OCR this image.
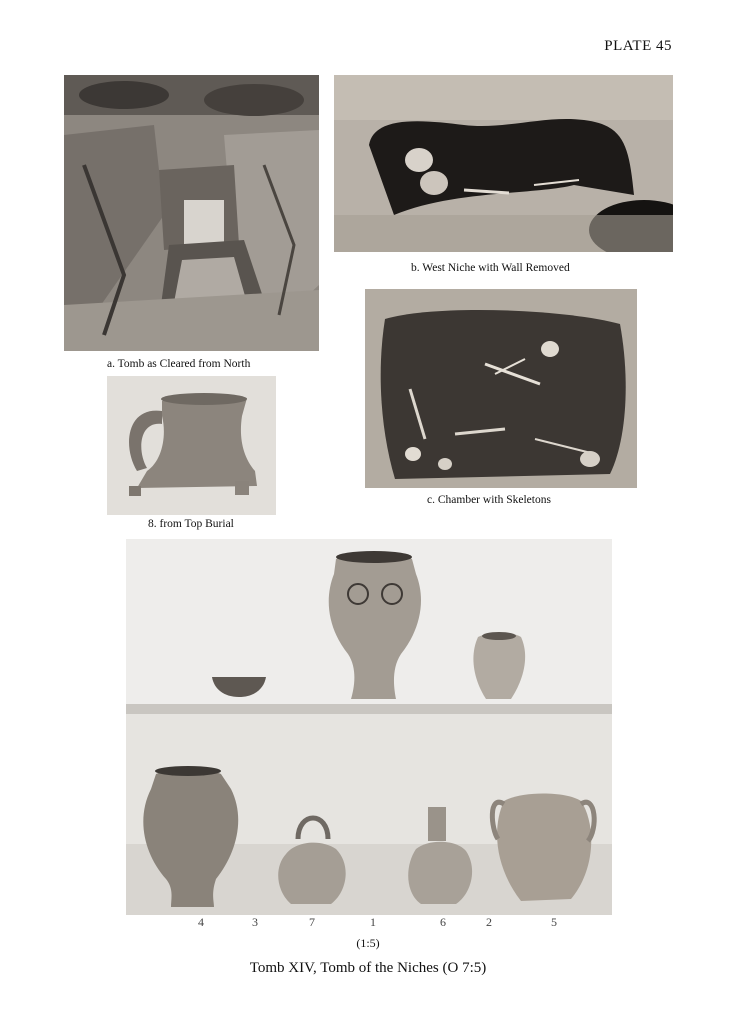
PLATE 45
a. Tomb as Cleared from North
b. West Niche with Wall Removed
c. Chamber with Skeletons
8. from Top Burial
4	3	7	1	6	2	5
(1:5)
Tomb XIV, Tomb of the Niches (O 7:5)
